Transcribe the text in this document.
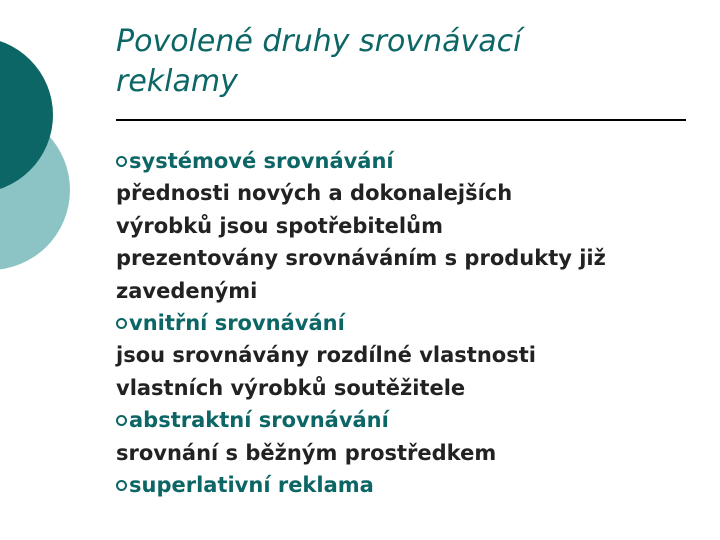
Povolené druhy srovnávací
reklamy
systémové srovnávání
přednosti nových a dokonalejších
výrobků jsou spotřebitelům
prezentovány srovnáváním s produkty již
zavedenými
vnitřní srovnávání
jsou srovnávány rozdílné vlastnosti
vlastních výrobků soutěžitele
abstraktní srovnávání
srovnání s běžným prostředkem
superlativní reklama
